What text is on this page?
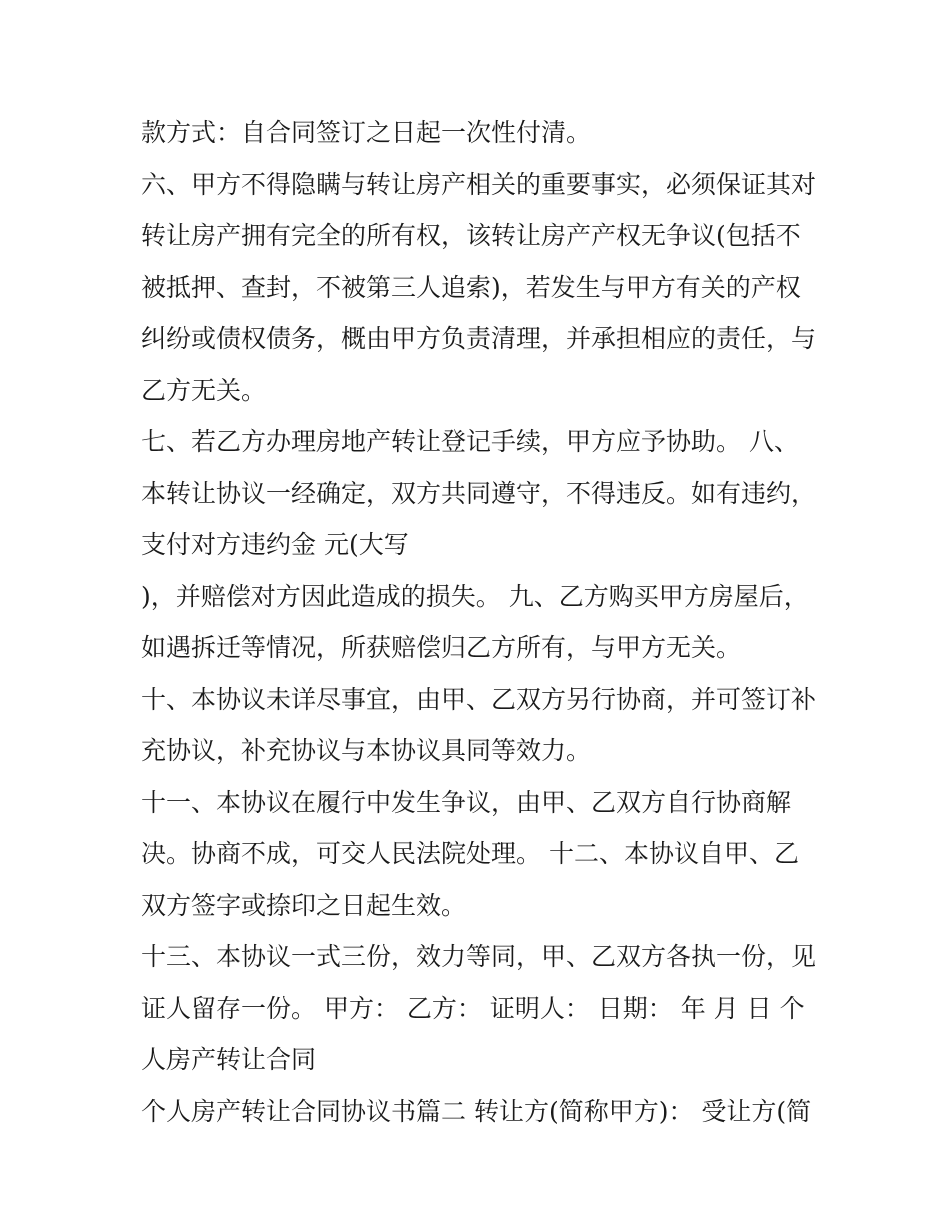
款方式：自合同签订之日起一次性付清。
六、甲方不得隐瞒与转让房产相关的重要事实，必须保证其对
转让房产拥有完全的所有权，该转让房产产权无争议(包括不
被抵押、查封，不被第三人追索)，若发生与甲方有关的产权
纠纷或债权债务，概由甲方负责清理，并承担相应的责任，与
乙方无关。
七、若乙方办理房地产转让登记手续，甲方应予协助。 八、
本转让协议一经确定，双方共同遵守，不得违反。如有违约，
支付对方违约金 元(大写
)，并赔偿对方因此造成的损失。 九、乙方购买甲方房屋后，
如遇拆迁等情况，所获赔偿归乙方所有，与甲方无关。
十、本协议未详尽事宜，由甲、乙双方另行协商，并可签订补
充协议，补充协议与本协议具同等效力。
十一、本协议在履行中发生争议，由甲、乙双方自行协商解
决。协商不成，可交人民法院处理。 十二、本协议自甲、乙
双方签字或捺印之日起生效。
十三、本协议一式三份，效力等同，甲、乙双方各执一份，见
证人留存一份。 甲方： 乙方： 证明人： 日期： 年 月 日 个
人房产转让合同
个人房产转让合同协议书篇二 转让方(简称甲方)： 受让方(简
